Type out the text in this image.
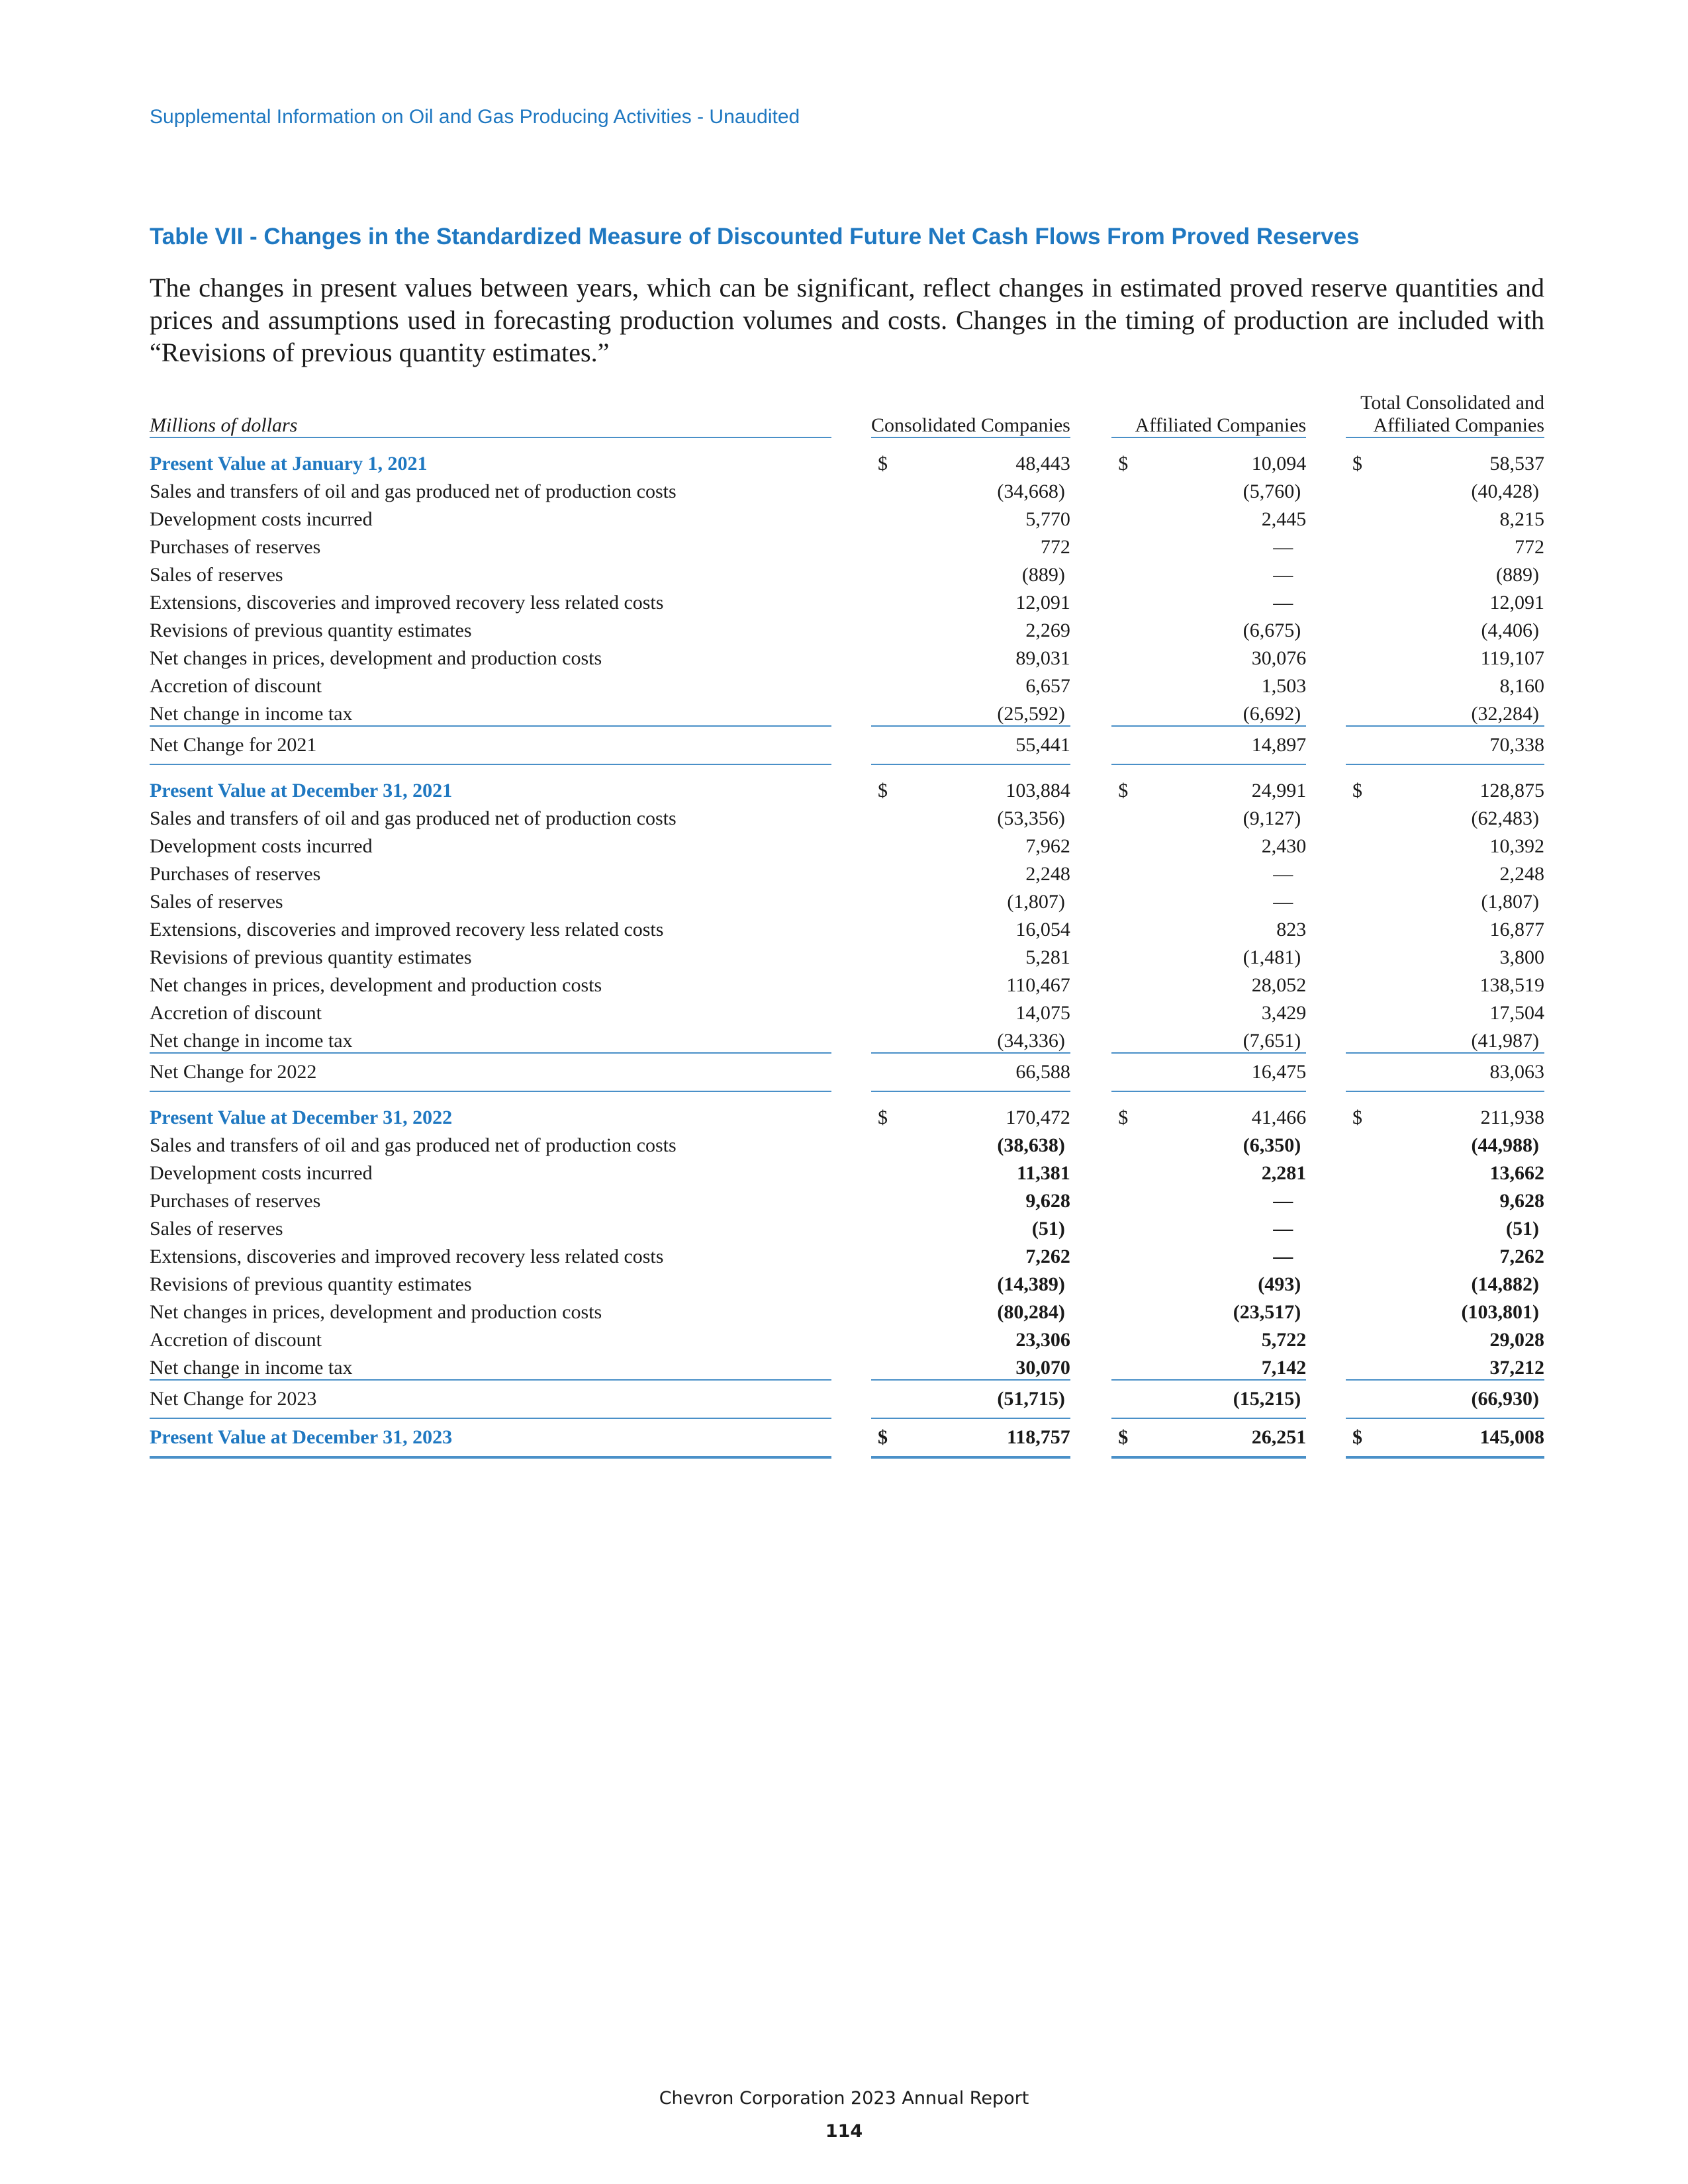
Supplemental Information on Oil and Gas Producing Activities - Unaudited
Table VII - Changes in the Standardized Measure of Discounted Future Net Cash Flows From Proved Reserves
The changes in present values between years, which can be significant, reflect changes in estimated proved reserve quantities and prices and assumptions used in forecasting production volumes and costs. Changes in the timing of production are included with “Revisions of previous quantity estimates.”
Millions of dollars		Consolidated Companies		Affiliated Companies		Total Consolidated and
Affiliated Companies
Present Value at January 1, 2021		$ 48,443		$ 10,094		$ 58,537
Sales and transfers of oil and gas produced net of production costs		(34,668)		(5,760)		(40,428)
Development costs incurred		5,770		2,445		8,215
Purchases of reserves		772		—		772
Sales of reserves		(889)		—		(889)
Extensions, discoveries and improved recovery less related costs		12,091		—		12,091
Revisions of previous quantity estimates		2,269		(6,675)		(4,406)
Net changes in prices, development and production costs		89,031		30,076		119,107
Accretion of discount		6,657		1,503		8,160
Net change in income tax		(25,592)		(6,692)		(32,284)
Net Change for 2021		55,441		14,897		70,338
Present Value at December 31, 2021		$ 103,884		$ 24,991		$ 128,875
Sales and transfers of oil and gas produced net of production costs		(53,356)		(9,127)		(62,483)
Development costs incurred		7,962		2,430		10,392
Purchases of reserves		2,248		—		2,248
Sales of reserves		(1,807)		—		(1,807)
Extensions, discoveries and improved recovery less related costs		16,054		823		16,877
Revisions of previous quantity estimates		5,281		(1,481)		3,800
Net changes in prices, development and production costs		110,467		28,052		138,519
Accretion of discount		14,075		3,429		17,504
Net change in income tax		(34,336)		(7,651)		(41,987)
Net Change for 2022		66,588		16,475		83,063
Present Value at December 31, 2022		$ 170,472		$ 41,466		$ 211,938
Sales and transfers of oil and gas produced net of production costs		(38,638)		(6,350)		(44,988)
Development costs incurred		11,381		2,281		13,662
Purchases of reserves		9,628		—		9,628
Sales of reserves		(51)		—		(51)
Extensions, discoveries and improved recovery less related costs		7,262		—		7,262
Revisions of previous quantity estimates		(14,389)		(493)		(14,882)
Net changes in prices, development and production costs		(80,284)		(23,517)		(103,801)
Accretion of discount		23,306		5,722		29,028
Net change in income tax		30,070		7,142		37,212
Net Change for 2023		(51,715)		(15,215)		(66,930)
Present Value at December 31, 2023		$ 118,757		$ 26,251		$ 145,008
Chevron Corporation 2023 Annual Report
114
